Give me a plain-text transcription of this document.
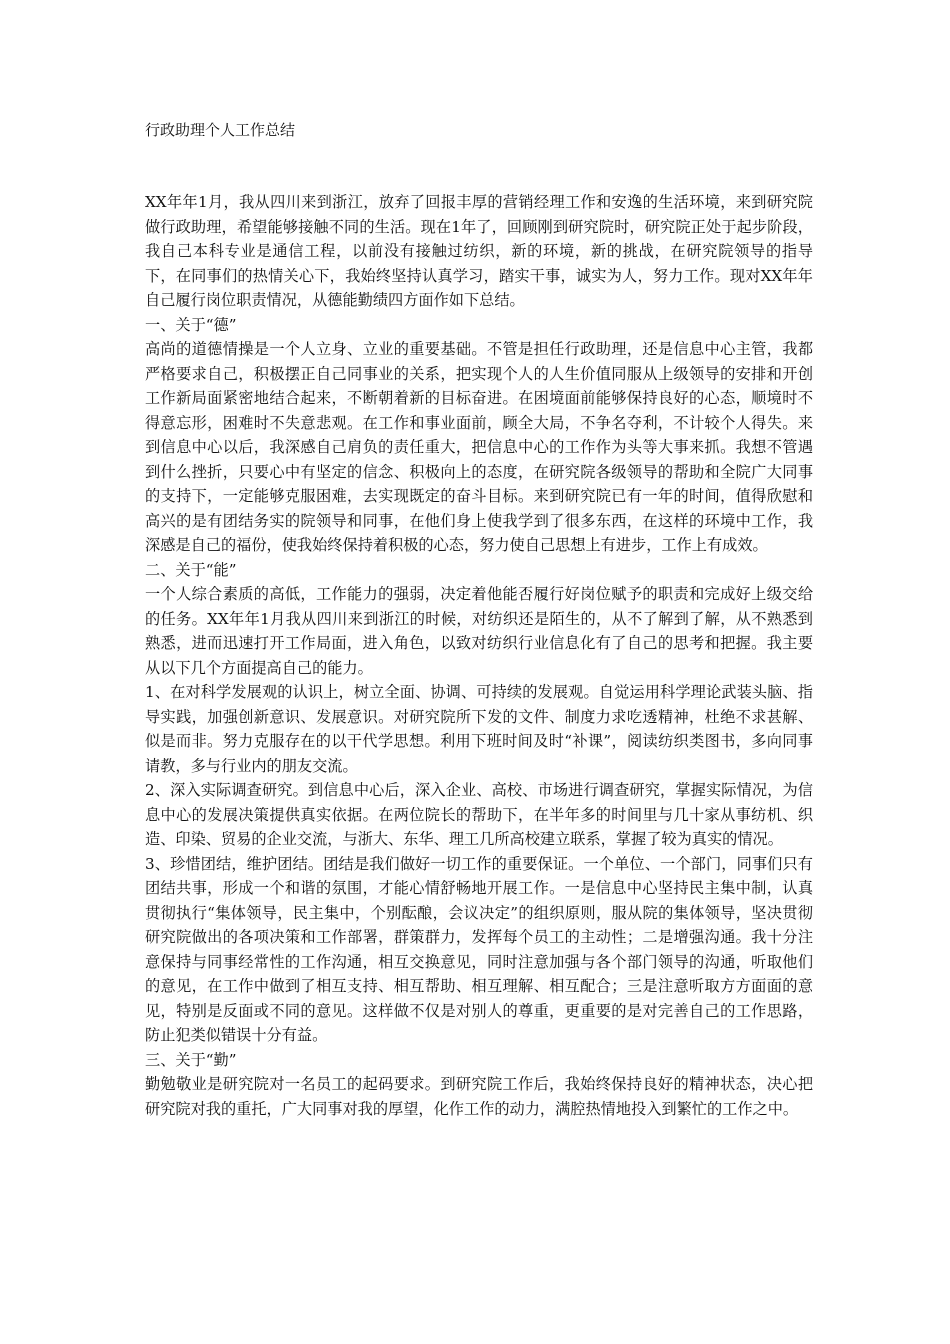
行政助理个人工作总结

XX年年1月，我从四川来到浙江，放弃了回报丰厚的营销经理工作和安逸的生活环境，来到研究院做行政助理，希望能够接触不同的生活。现在1年了，回顾刚到研究院时，研究院正处于起步阶段，我自己本科专业是通信工程，以前没有接触过纺织，新的环境，新的挑战，在研究院领导的指导下，在同事们的热情关心下，我始终坚持认真学习，踏实干事，诚实为人，努力工作。现对XX年年自己履行岗位职责情况，从德能勤绩四方面作如下总结。

一、关于“德”

高尚的道德情操是一个人立身、立业的重要基础。不管是担任行政助理，还是信息中心主管，我都严格要求自己，积极摆正自己同事业的关系，把实现个人的人生价值同服从上级领导的安排和开创工作新局面紧密地结合起来，不断朝着新的目标奋进。在困境面前能够保持良好的心态，顺境时不得意忘形，困难时不失意悲观。在工作和事业面前，顾全大局，不争名夺利，不计较个人得失。来到信息中心以后，我深感自己肩负的责任重大，把信息中心的工作作为头等大事来抓。我想不管遇到什么挫折，只要心中有坚定的信念、积极向上的态度，在研究院各级领导的帮助和全院广大同事的支持下，一定能够克服困难，去实现既定的奋斗目标。来到研究院已有一年的时间，值得欣慰和高兴的是有团结务实的院领导和同事，在他们身上使我学到了很多东西，在这样的环境中工作，我深感是自己的福份，使我始终保持着积极的心态，努力使自己思想上有进步，工作上有成效。

二、关于“能”

一个人综合素质的高低，工作能力的强弱，决定着他能否履行好岗位赋予的职责和完成好上级交给的任务。XX年年1月我从四川来到浙江的时候，对纺织还是陌生的，从不了解到了解，从不熟悉到熟悉，进而迅速打开工作局面，进入角色，以致对纺织行业信息化有了自己的思考和把握。我主要从以下几个方面提高自己的能力。

1、在对科学发展观的认识上，树立全面、协调、可持续的发展观。自觉运用科学理论武装头脑、指导实践，加强创新意识、发展意识。对研究院所下发的文件、制度力求吃透精神，杜绝不求甚解、似是而非。努力克服存在的以干代学思想。利用下班时间及时“补课”，阅读纺织类图书，多向同事请教，多与行业内的朋友交流。

2、深入实际调查研究。到信息中心后，深入企业、高校、市场进行调查研究，掌握实际情况，为信息中心的发展决策提供真实依据。在两位院长的帮助下，在半年多的时间里与几十家从事纺机、织造、印染、贸易的企业交流，与浙大、东华、理工几所高校建立联系，掌握了较为真实的情况。

3、珍惜团结，维护团结。团结是我们做好一切工作的重要保证。一个单位、一个部门，同事们只有团结共事，形成一个和谐的氛围，才能心情舒畅地开展工作。一是信息中心坚持民主集中制，认真贯彻执行“集体领导，民主集中，个别酝酿，会议决定”的组织原则，服从院的集体领导，坚决贯彻研究院做出的各项决策和工作部署，群策群力，发挥每个员工的主动性；二是增强沟通。我十分注意保持与同事经常性的工作沟通，相互交换意见，同时注意加强与各个部门领导的沟通，听取他们的意见，在工作中做到了相互支持、相互帮助、相互理解、相互配合；三是注意听取方方面面的意见，特别是反面或不同的意见。这样做不仅是对别人的尊重，更重要的是对完善自己的工作思路，防止犯类似错误十分有益。

三、关于“勤”

勤勉敬业是研究院对一名员工的起码要求。到研究院工作后，我始终保持良好的精神状态，决心把研究院对我的重托，广大同事对我的厚望，化作工作的动力，满腔热情地投入到繁忙的工作之中。
